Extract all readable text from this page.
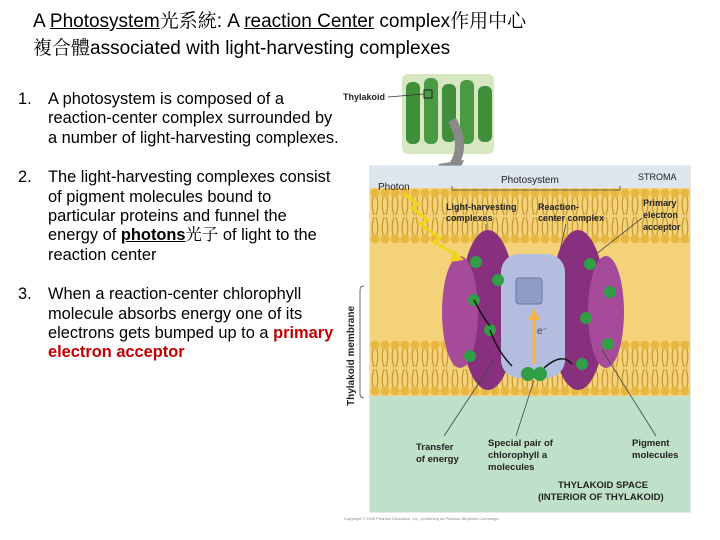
A Photosystem光系統: A reaction Center complex作用中心
複合體associated with light-harvesting complexes
1. A photosystem is composed of a reaction-center complex surrounded by a number of light-harvesting complexes.
2. The light-harvesting complexes consist of pigment molecules bound to particular proteins and funnel the energy of photons光子 of light to the reaction center
3. When a reaction-center chlorophyll molecule absorbs energy one of its electrons gets bumped up to a primary electron acceptor
Thylakoid
Photon
Photosystem	STROMA
Light-harvesting
complexes
Reaction-
center complex
Primary
electron
acceptor
Thylakoid membrane	e⁻
Transfer
of energy
Special pair of
chlorophyll a
molecules
Pigment
molecules
THYLAKOID SPACE
(INTERIOR OF THYLAKOID)
Copyright © 2008 Pearson Education, Inc., publishing as Pearson Benjamin Cummings.
